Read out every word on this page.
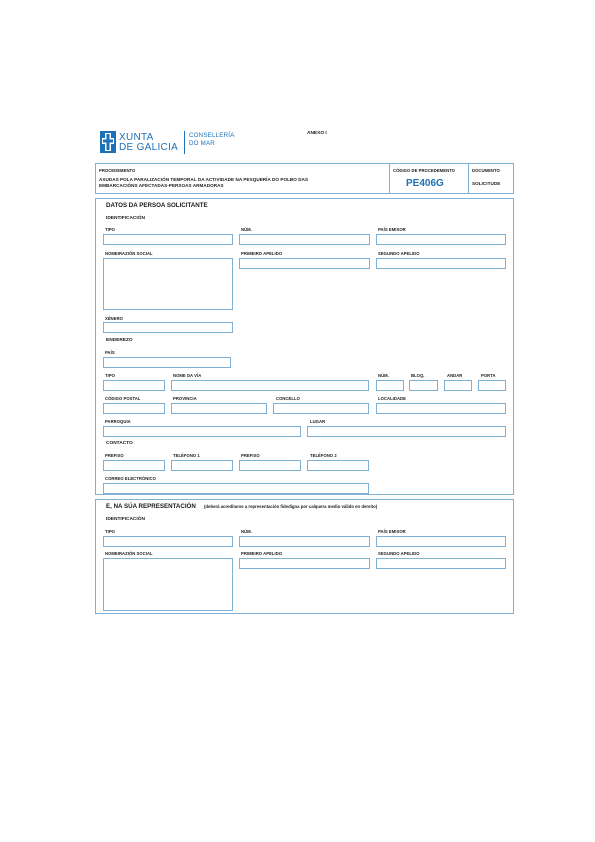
XUNTA
DE GALICIA
CONSELLERÍA
DO MAR
ANEXO I
PROCEDEMENTO
AXUDAS POLA PARALIZACIÓN TEMPORAL DA ACTIVIDADE NA PESQUERÍA DO POLBO DAS
EMBARCACIÓNS AFECTADAS-PERSOAS ARMADORAS
CÓDIGO DE PROCEDEMENTO
PE406G
DOCUMENTO
SOLICITUDE
DATOS DA PERSOA SOLICITANTE
IDENTIFICACIÓN
TIPO	NÚM.	PAÍS EMISOR
NOMEIRAZIÓN SOCIAL	PRIMEIRO APELIDO	SEGUNDO APELIDO
XÉNERO
ENDEREZO
PAÍS
TIPO	NOME DA VÍA	NÚM.	BLOQ.	ANDAR	PORTA
CÓDIGO POSTAL	PROVINCIA	CONCELLO	LOCALIDADE
PARROQUIA	LUGAR
CONTACTO
PREFIXO	TELÉFONO 1	PREFIXO	TELÉFONO 2
CORREO ELECTRÓNICO
E, NA SÚA REPRESENTACIÓN (deberá acreditarse a representación fidedigna por calquera medio válido en dereito)
IDENTIFICACIÓN
TIPO	NÚM.	PAÍS EMISOR
NOMEIRAZIÓN SOCIAL	PRIMEIRO APELIDO	SEGUNDO APELIDO
